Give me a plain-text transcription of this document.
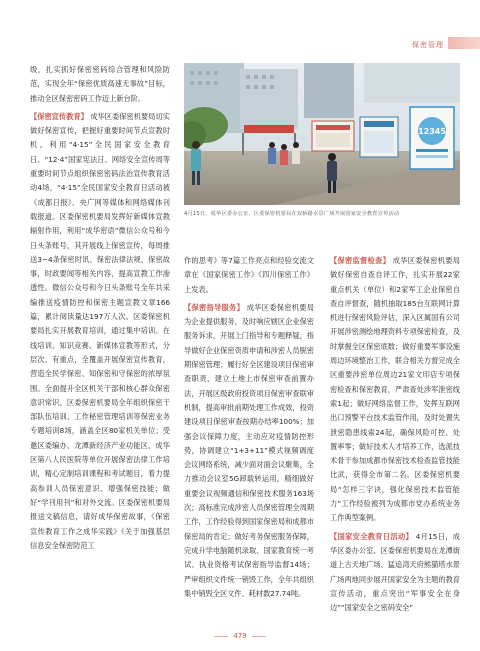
保密管理

级，扎实抓好保密密码综合管理和风险防范，实现全年“保密优质高速无事故”目标，推动全区保密密码工作迈上新台阶。

【保密宣传教育】 成华区委保密机要局切实做好保密宣传，把握好重要时间节点宣教时机，利用“4·15”全民国家安全教育日、“12·4”国家宪法日、网络安全宣传周等重要时间节点组织保密密码法治宣传教育活动4场，“4·15”全民国家安全教育日活动被《成都日报》、央广网等媒体和网络媒体刊载报道。区委保密机要局发挥好新媒体宣教辐射作用，利用“成华密语”微信公众号和今日头条账号，其开展线上保密宣传，每周推送3~4条保密时讯、保密法律法规、保密故事，时政要闻等相关内容，提高宣教工作渗透性。微信公众号和今日头条账号全年共采编推送疫情防控和保密主题宣教文章166篇，累计阅读量达197万人次。区委保密机要局扎实开展教育培训，通过集中培训、在线培训、知识竞赛、新媒体宣教等形式，分层次、有重点，全覆盖开展保密宣传教育，营造全民学保密、知保密和守保密的浓厚氛围。全面提升全区机关干部和核心群众保密意识常识。区委保密机要局全年组织保密干部队伍培训、工作秘密管理培训等保密业务专题培训8场，涵盖全区80家机关单位；受邀区委编办、龙潭新经济产业功能区、成华区第八人民医院等单位开展保密法律工作培训，精心定制培训课程和考试题目，着力提高参训人员保密意识、增强保密技能；做好“学刊用刊”和对外交流。区委保密机要局报送文稿信息，请好成华保密故事，《保密宣传教育工作之成华实践》《关于加强基层信息安全保密防范工

12345
4月15日，成华区委办公室、区委保密机要局在双桥路水景广场开展国家安全教育宣传活动

作的思考》等7篇工作亮点和经验交流文章在《国家保密工作》《四川保密工作》上发表。

【保密指导服务】 成华区委保密机要局为企业提供服务，及时响应辖区企业保密服务诉求，开展上门指导和专题释疑，指导做好企业保密资质申请和涉密人员脱密期保密管理；履行好全区建设项目保密审查职责，建立土地上市保密审查前置办法，开展区级政府投资项目保密审查联审机制，提高审批前期处理工作成效，投资建设项目保密审查按期办结率100%；加强会议保障力度，主动应对疫情防控形势，协调建立“1+3+11”模式视频调度会议网络系统，减少面对面会议聚集，全力推动会议室5G卸载转运用，精细做好重要会议视频通信和保密技术服务163场次；高标准完成涉密人员保密管理全周期工作，工作经验得到国家保密局和成都市保密局的肯定；做好考务保密服务保障，完成升学电脑随机录取、国家教育统一考试、执业资格考试保密指导监督14场；严审组织文件统一销毁工作，全年共组织集中销毁全区文件、耗材数27.74吨。

【保密监督检查】 成华区委保密机要局做好保密自查自评工作，扎实开展22家重点机关（单位）和2家军工企业保密自查自评督查，随机抽取185台互联网计算机进行保密风险评估，深入区属国有公司开展涉密测绘地理资料专项保密检查，及时掌握全区保密底数；做好重要军事设施周边环境整治工作，联合相关方督完成全区重要涉密单位周边21家文印店专项保密检查和保密教育，严肃查处涉军泄密线索1起；做好网络监督工作，发挥互联网出口预警平台技术监管作用，及时处置失泄密隐患线索24起，确保风险可控、处置率零；做好技术人才培养工作，选派技术骨干参加成都市保密技术检查监管技能比武，获得全市第二名。区委保密机要局“怎样三字诀，强化保密技术监管能力”工作经验被列为成都市党办系统业务工作典型案例。

【国家安全教育日活动】 4月15日，成华区委办公室、区委保密机要局在龙潭街道上古天地广场、猛追湾天府熊猫塔水景广场两地同步展开国家安全为主题的教育宣传活动，重点突出“军事安全在身边”“国家安全之密码安全”

479
